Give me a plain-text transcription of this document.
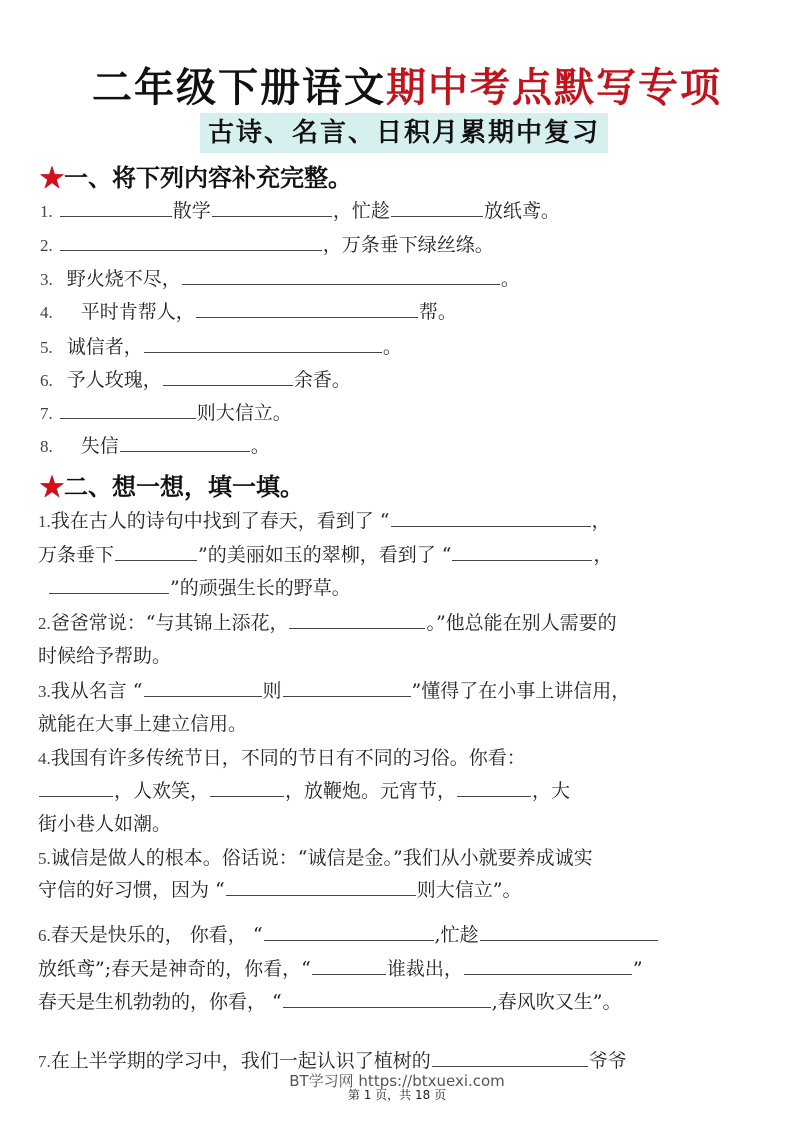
二年级下册语文期中考点默写专项
古诗、名言、日积月累期中复习
★一、将下列内容补充完整。
1.	散学	，忙趁	放纸鸢。
2.	，万条垂下绿丝绦。
3. 野火烧不尽，	。
4. 平时肯帮人，	帮。
5. 诚信者，	。
6. 予人玫瑰，	余香。
7.	则大信立。
8. 失信	。
★二、想一想，填一填。
1.我在古人的诗句中找到了春天，看到了 “	，
万条垂下	”的美丽如玉的翠柳，看到了 “	，
”的顽强生长的野草。
2.爸爸常说：“与其锦上添花，	。”他总能在别人需要的
时候给予帮助。
3.我从名言 “	则	”懂得了在小事上讲信用，
就能在大事上建立信用。
4.我国有许多传统节日，不同的节日有不同的习俗。你看：
，人欢笑，	，放鞭炮。元宵节，	，大
街小巷人如潮。
5.诚信是做人的根本。俗话说：“诚信是金。”我们从小就要养成诚实
守信的好习惯，因为 “	则大信立”。
6.春天是快乐的， 你看， “	,忙趁
放纸鸢”;春天是神奇的，你看，“	谁裁出，	”
春天是生机勃勃的，你看， “	,春风吹又生”。
7.在上半学期的学习中，我们一起认识了植树的	爷爷
BT学习网 https://btxuexi.com
第 1 页，共 18 页
